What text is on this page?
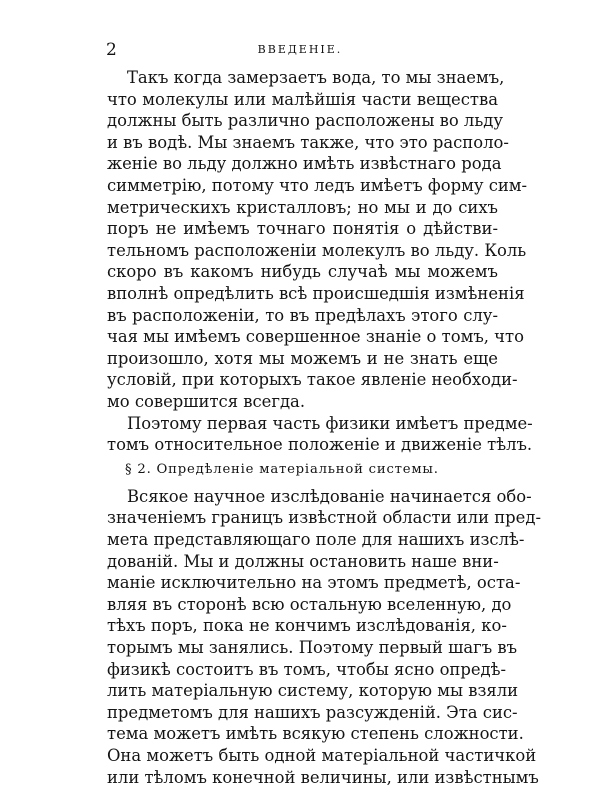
2	ВВЕДЕНIЕ.

Такъ когда замерзаетъ вода, то мы знаемъ,

что молекулы или малѣйшiя части вещества

должны быть различно расположены во льду

и въ водѣ. Мы знаемъ также, что это располо-

женiе во льду должно имѣть извѣстнаго рода

симметрiю, потому что ледъ имѣетъ форму сим-

метрическихъ кристалловъ; но мы и до сихъ

поръ не имѣемъ точнаго понятiя о дѣйстви-

тельномъ расположенiи молекулъ во льду. Коль

скоро въ какомъ нибудь случаѣ мы можемъ

вполнѣ опредѣлить всѣ происшедшiя измѣненiя

въ расположенiи, то въ предѣлахъ этого слу-

чая мы имѣемъ совершенное знанiе о томъ, что

произошло, хотя мы можемъ и не знать еще

условiй, при которыхъ такое явленiе необходи-

мо совершится всегда.

Поэтому первая часть физики имѣетъ предме-

томъ относительное положенiе и движенiе тѣлъ.

§ 2. Опредѣленiе матерiальной системы.

Всякое научное изслѣдованiе начинается обо-

значенiемъ границъ извѣстной области или пред-

мета представляющаго поле для нашихъ изслѣ-

дованiй. Мы и должны остановить наше вни-

манiе исключительно на этомъ предметѣ, оста-

вляя въ сторонѣ всю остальную вселенную, до

тѣхъ поръ, пока не кончимъ изслѣдованiя, ко-

торымъ мы занялись. Поэтому первый шагъ въ

физикѣ состоитъ въ томъ, чтобы ясно опредѣ-

лить матерiальную систему, которую мы взяли

предметомъ для нашихъ разсужденiй. Эта сис-

тема можетъ имѣть всякую степень сложности.

Она можетъ быть одной матерiальной частичкой

или тѣломъ конечной величины, или извѣстнымъ
